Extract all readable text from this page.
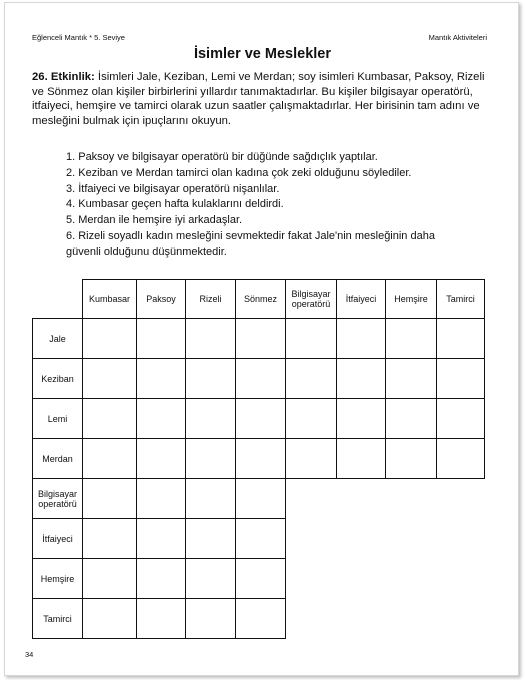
Eğlenceli Mantık * 5. Seviye	Mantık Aktiviteleri
İsimler ve Meslekler
26. Etkinlik: İsimleri Jale, Keziban, Lemi ve Merdan; soy isimleri Kumbasar, Paksoy, Rizeli ve Sönmez olan kişiler birbirlerini yıllardır tanımaktadırlar. Bu kişiler bilgisayar operatörü, itfaiyeci, hemşire ve tamirci olarak uzun saatler çalışmaktadırlar. Her birisinin tam adını ve mesleğini bulmak için ipuçlarını okuyun.
1. Paksoy ve bilgisayar operatörü bir düğünde sağdıçlık yaptılar.
2. Keziban ve Merdan tamirci olan kadına çok zeki olduğunu söylediler.
3. İtfaiyeci ve bilgisayar operatörü nişanlılar.
4. Kumbasar geçen hafta kulaklarını deldirdi.
5. Merdan ile hemşire iyi arkadaşlar.
6. Rizeli soyadlı kadın mesleğini sevmektedir fakat Jale'nin mesleğinin daha güvenli olduğunu düşünmektedir.
	Kumbasar	Paksoy	Rizeli	Sönmez	Bilgisayar operatörü	İtfaiyeci	Hemşire	Tamirci
Jale								
Keziban								
Lemi								
Merdan								
Bilgisayar operatörü								
İtfaiyeci								
Hemşire								
Tamirci								
34
